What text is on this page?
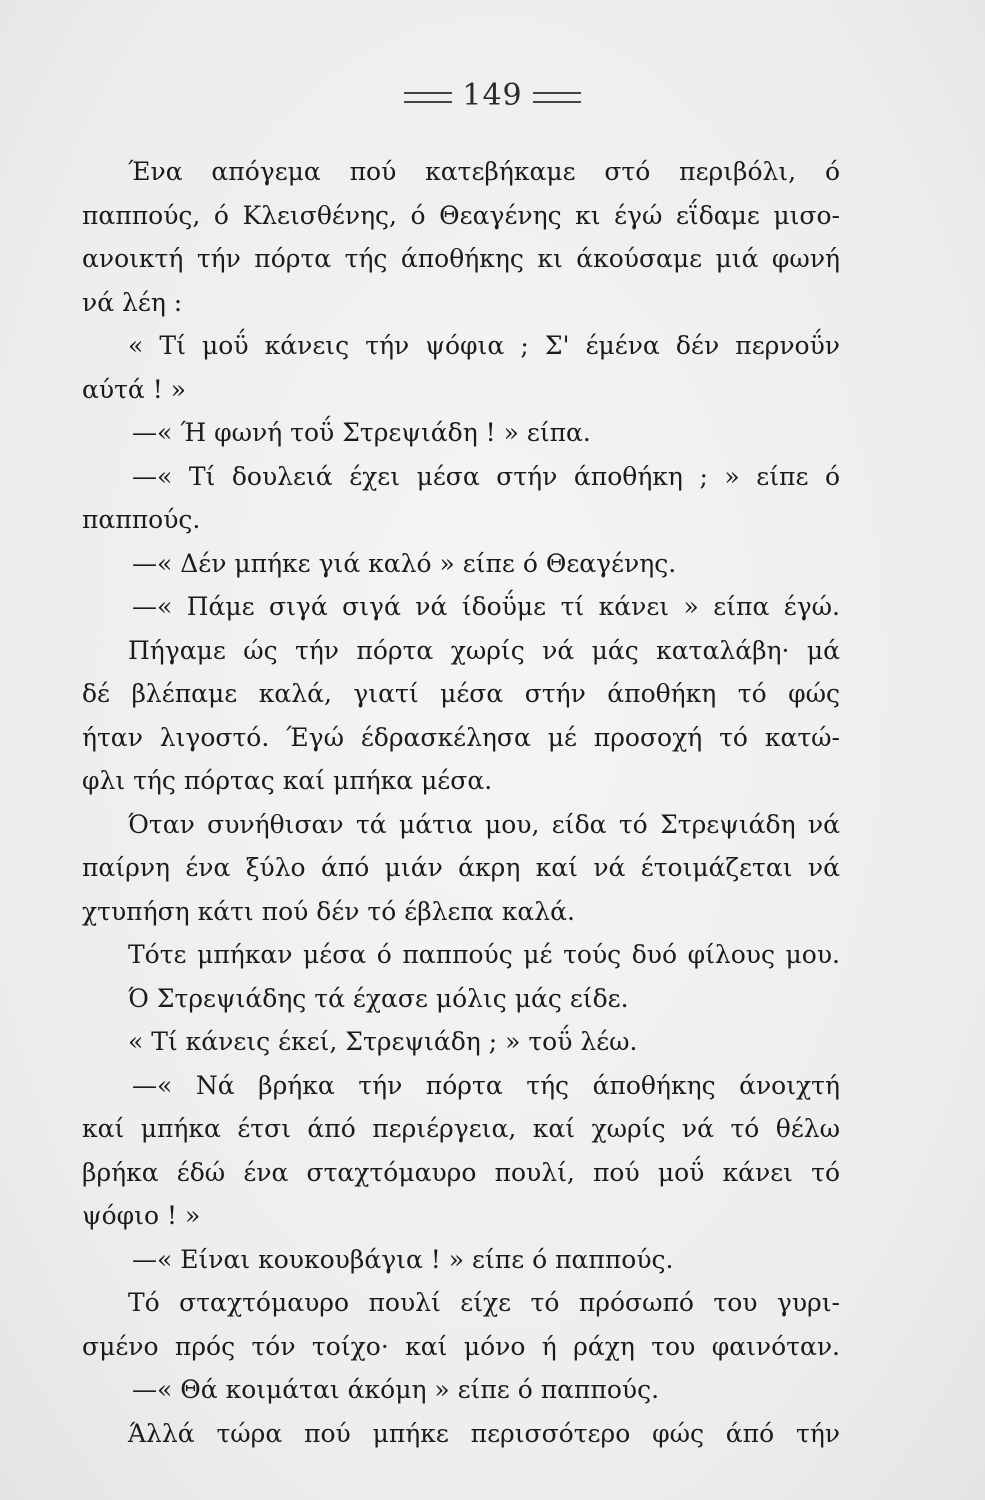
149
Ένα απόγεμα πού κατεβήκαμε στό περιβόλι, ό
παππούς, ό Κλεισθένης, ό Θεαγένης κι έγώ εΐδαμε μισο-
ανοικτή τήν πόρτα τής άποθήκης κι άκούσαμε μιά φωνή
νά λέη :
« Τί μοΰ κάνεις τήν ψόφια ; Σ' έμένα δέν περνοΰν
αύτά ! »
—« Ή φωνή τοΰ Στρεψιάδη ! » είπα.
—« Τί δουλειά έχει μέσα στήν άποθήκη ; » είπε ό
παππούς.
—« Δέν μπήκε γιά καλό » είπε ό Θεαγένης.
—« Πάμε σιγά σιγά νά ίδοΰμε τί κάνει » είπα έγώ.
Πήγαμε ώς τήν πόρτα χωρίς νά μάς καταλάβη· μά
δέ βλέπαμε καλά, γιατί μέσα στήν άποθήκη τό φώς
ήταν λιγοστό. Έγώ έδρασκέλησα μέ προσοχή τό κατώ-
φλι τής πόρτας καί μπήκα μέσα.
Όταν συνήθισαν τά μάτια μου, είδα τό Στρεψιάδη νά
παίρνη ένα ξύλο άπό μιάν άκρη καί νά έτοιμάζεται νά
χτυπήση κάτι πού δέν τό έβλεπα καλά.
Τότε μπήκαν μέσα ό παππούς μέ τούς δυό φίλους μου.
Ό Στρεψιάδης τά έχασε μόλις μάς είδε.
« Τί κάνεις έκεί, Στρεψιάδη ; » τοΰ λέω.
—« Νά βρήκα τήν πόρτα τής άποθήκης άνοιχτή
καί μπήκα έτσι άπό περιέργεια, καί χωρίς νά τό θέλω
βρήκα έδώ ένα σταχτόμαυρο πουλί, πού μοΰ κάνει τό
ψόφιο ! »
—« Είναι κουκουβάγια ! » είπε ό παππούς.
Τό σταχτόμαυρο πουλί είχε τό πρόσωπό του γυρι-
σμένο πρός τόν τοίχο· καί μόνο ή ράχη του φαινόταν.
—« Θά κοιμάται άκόμη » είπε ό παππούς.
Άλλά τώρα πού μπήκε περισσότερο φώς άπό τήν
